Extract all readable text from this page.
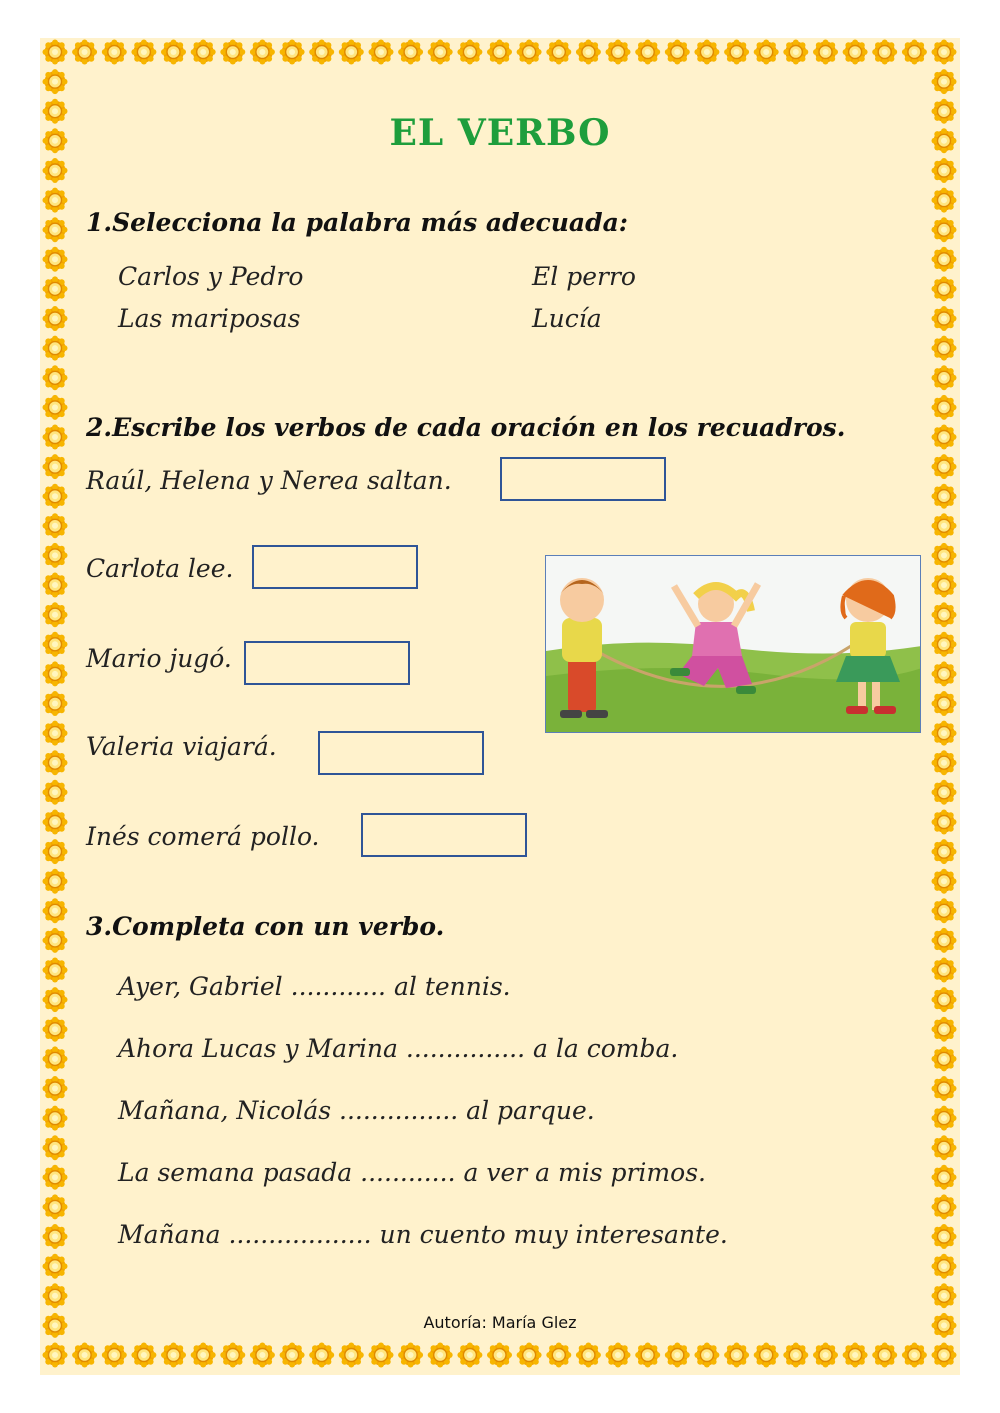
EL VERBO
1.Selecciona la palabra más adecuada:
Carlos y Pedro	El perro
Las mariposas	Lucía
2.Escribe los verbos de cada oración en los recuadros.
Raúl, Helena y Nerea saltan.
Carlota lee.
Mario jugó.
Valeria viajará.
Inés comerá pollo.
3.Completa con un verbo.
Ayer, Gabriel ............ al tennis.
Ahora Lucas y Marina ............... a la comba.
Mañana, Nicolás ............... al parque.
La semana pasada ............ a ver a mis primos.
Mañana .................. un cuento muy interesante.
Autoría: María Glez
